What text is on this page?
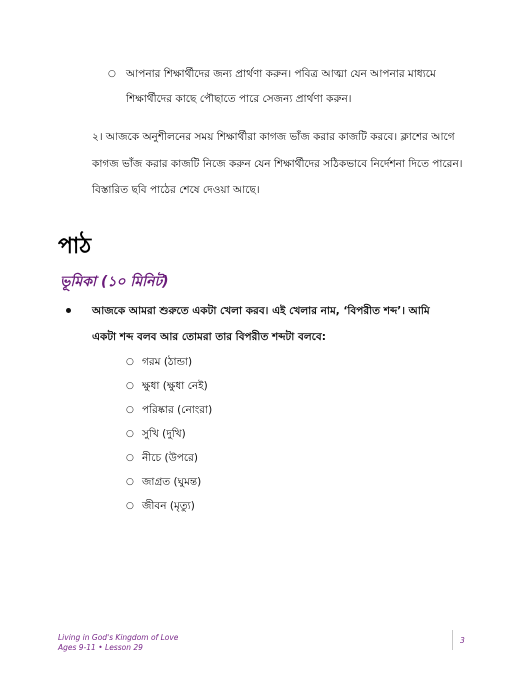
○ আপনার শিক্ষার্থীদের জন্য প্রার্থণা করুন। পবিত্র আত্মা যেন আপনার মাধ্যমে
শিক্ষার্থীদের কাছে পৌছাতে পারে সেজন্য প্রার্থণা করুন।
২। আজকে অনুশীলনের সময় শিক্ষার্থীরা কাগজ ভাঁজ করার কাজটি করবে। ক্লাশের আগে
কাগজ ভাঁজ করার কাজটি নিজে করুন যেন শিক্ষার্থীদের সঠিকভাবে নির্দেশনা দিতে পারেন।
বিস্তারিত ছবি পাঠের শেষে দেওয়া আছে।
পাঠ
ভূমিকা (১০ মিনিট)
আজকে আমরা শুরুতে একটা খেলা করব। এই খেলার নাম, ‘বিপরীত শব্দ’। আমি
একটা শব্দ বলব আর তোমরা তার বিপরীত শব্দটা বলবে:
○ গরম (ঠান্ডা)
○ ক্ষুধা (ক্ষুধা নেই)
○ পরিষ্কার (নোংরা)
○ সুখি (দুখি)
○ নীচে (উপরে)
○ জাগ্রত (ঘুমন্ত)
○ জীবন (মৃত্যু)
Living in God's Kingdom of Love
Ages 9-11 • Lesson 29
3
